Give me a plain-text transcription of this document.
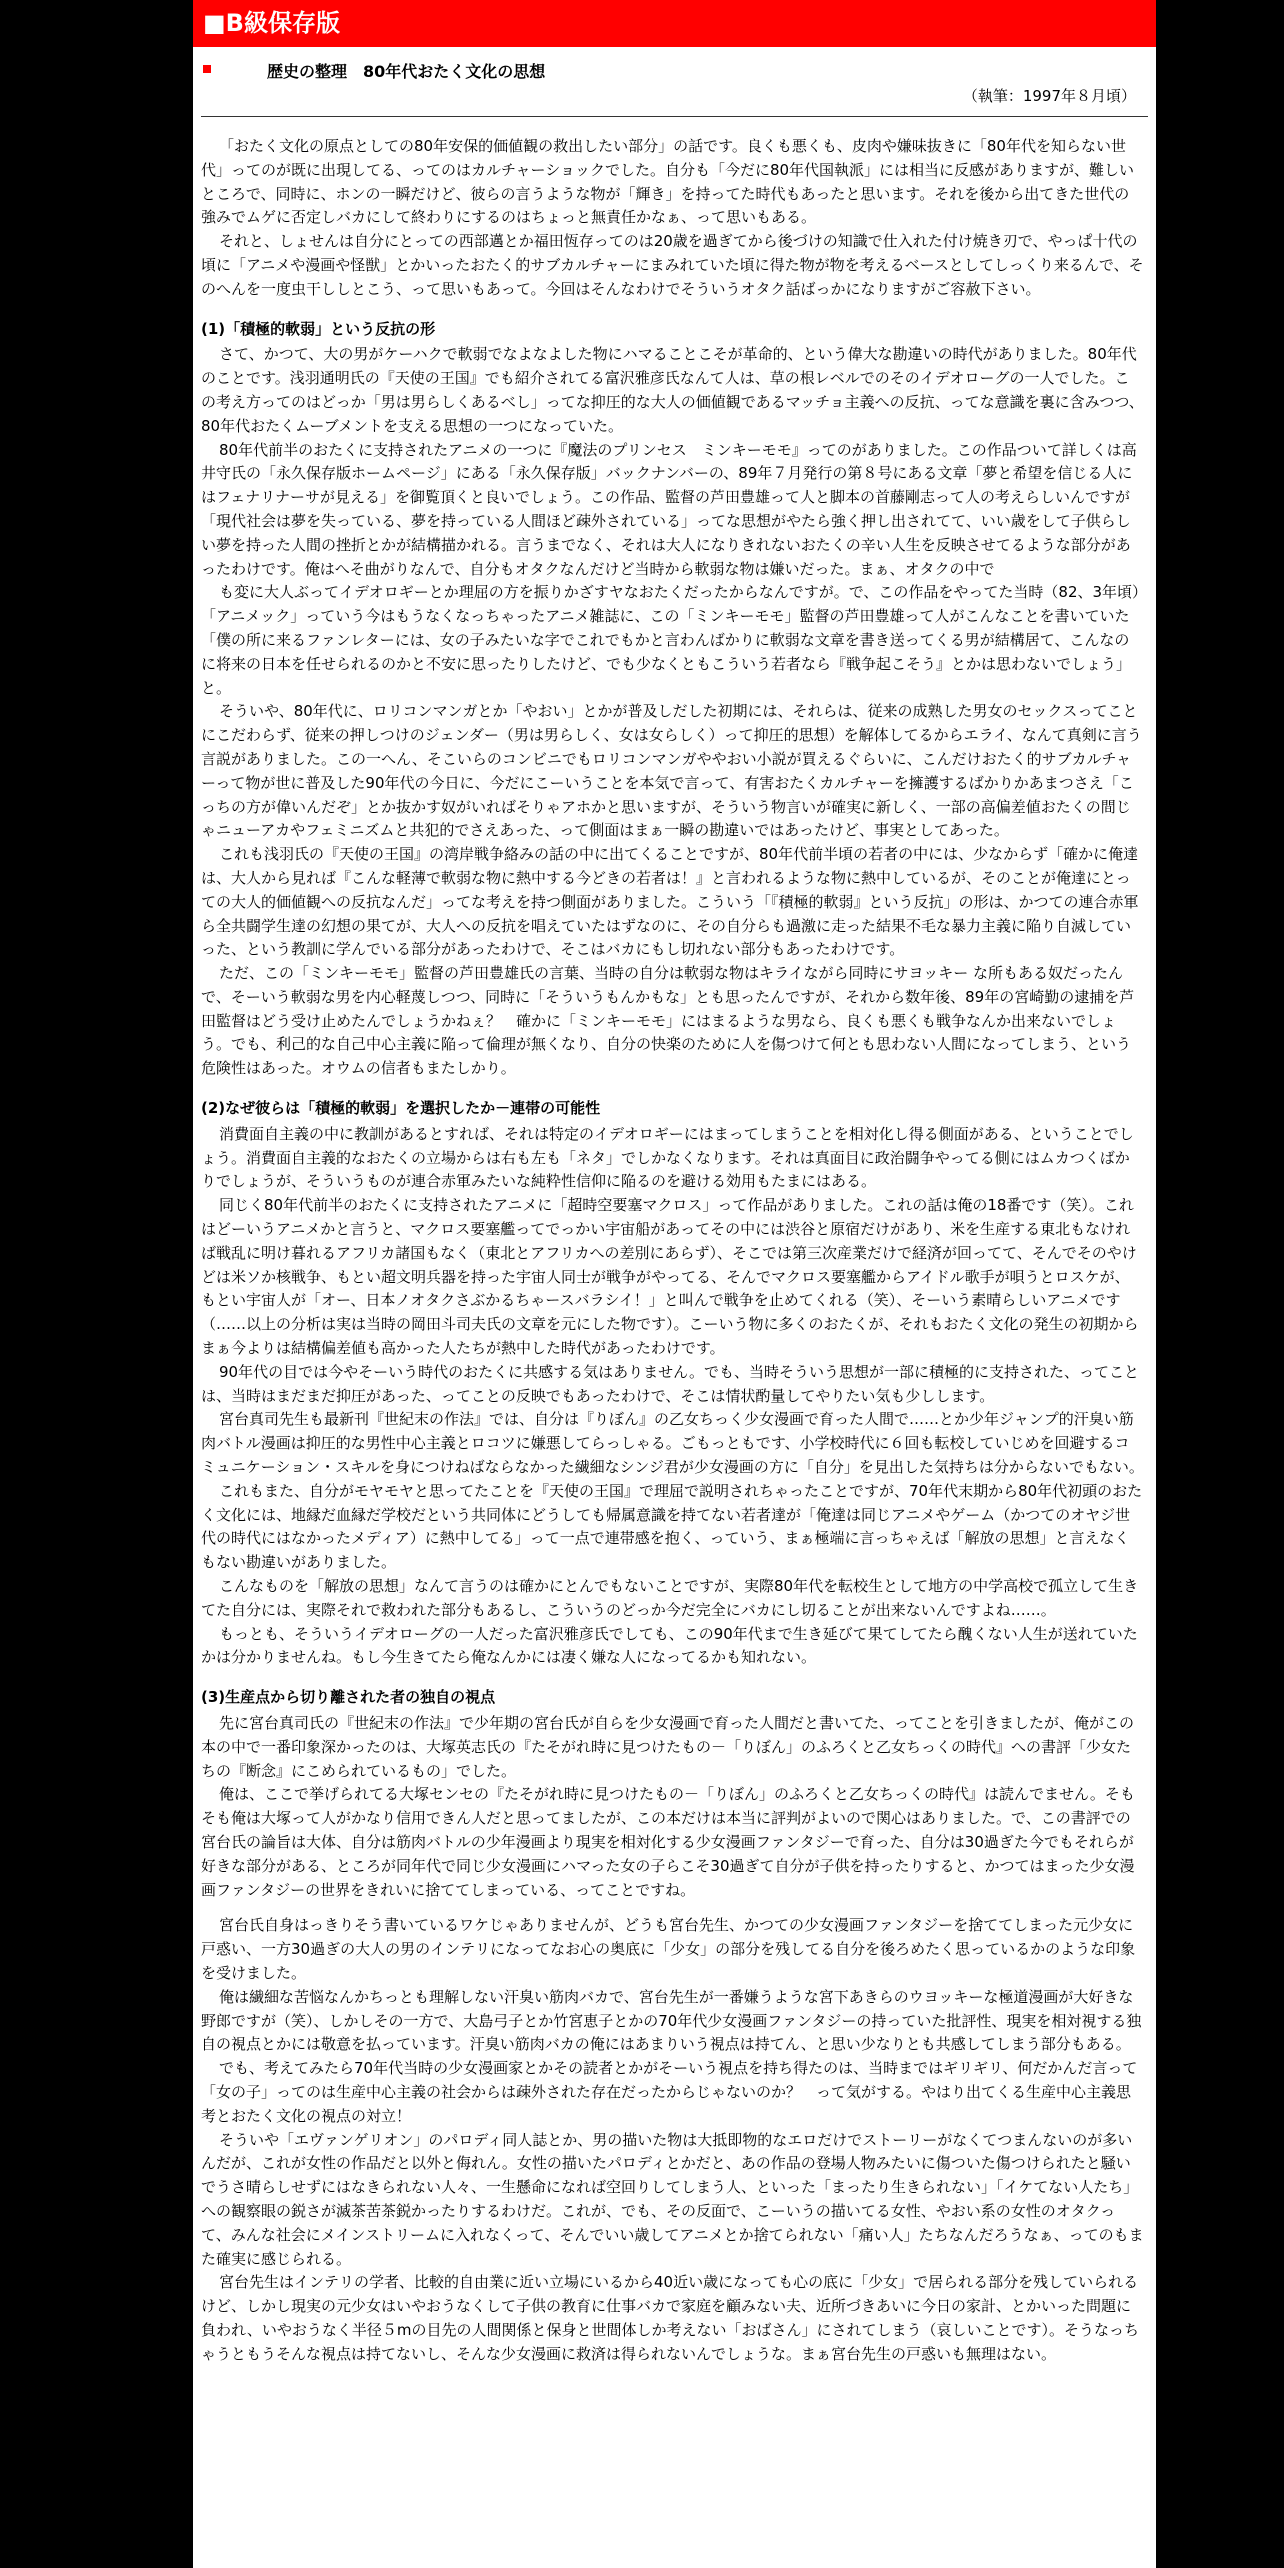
■B級保存版
歴史の整理　80年代おたく文化の思想
（執筆：1997年８月頃）

「おたく文化の原点としての80年安保的価値観の救出したい部分」の話です。良くも悪くも、皮肉や嫌味抜きに「80年代を知らない世代」ってのが既に出現してる、ってのはカルチャーショックでした。自分も「今だに80年代国執派」には相当に反感がありますが、難しいところで、同時に、ホンの一瞬だけど、彼らの言うような物が「輝き」を持ってた時代もあったと思います。それを後から出てきた世代の強みでムゲに否定しバカにして終わりにするのはちょっと無責任かなぁ、って思いもある。

それと、しょせんは自分にとっての西部邁とか福田恆存ってのは20歳を過ぎてから後づけの知識で仕入れた付け焼き刃で、やっぱ十代の頃に「アニメや漫画や怪獣」とかいったおたく的サブカルチャーにまみれていた頃に得た物が物を考えるベースとしてしっくり来るんで、そのへんを一度虫干ししとこう、って思いもあって。今回はそんなわけでそういうオタク話ばっかになりますがご容赦下さい。

(1)「積極的軟弱」という反抗の形

さて、かつて、大の男がケーハクで軟弱でなよなよした物にハマることこそが革命的、という偉大な勘違いの時代がありました。80年代のことです。浅羽通明氏の『天使の王国』でも紹介されてる富沢雅彦氏なんて人は、草の根レベルでのそのイデオローグの一人でした。この考え方ってのはどっか「男は男らしくあるべし」ってな抑圧的な大人の価値観であるマッチョ主義への反抗、ってな意識を裏に含みつつ、80年代おたくムーブメントを支える思想の一つになっていた。

80年代前半のおたくに支持されたアニメの一つに『魔法のプリンセス　ミンキーモモ』ってのがありました。この作品ついて詳しくは高井守氏の「永久保存版ホームページ」にある「永久保存版」バックナンバーの、89年７月発行の第８号にある文章「夢と希望を信じる人にはフェナリナーサが見える」を御覧頂くと良いでしょう。この作品、監督の芦田豊雄って人と脚本の首藤剛志って人の考えらしいんですが「現代社会は夢を失っている、夢を持っている人間ほど疎外されている」ってな思想がやたら強く押し出されてて、いい歳をして子供らしい夢を持った人間の挫折とかが結構描かれる。言うまでなく、それは大人になりきれないおたくの辛い人生を反映させてるような部分があったわけです。俺はへそ曲がりなんで、自分もオタクなんだけど当時から軟弱な物は嫌いだった。まぁ、オタクの中で

も変に大人ぶってイデオロギーとか理屈の方を振りかざすヤなおたくだったからなんですが。で、この作品をやってた当時（82、3年頃）「アニメック」っていう今はもうなくなっちゃったアニメ雑誌に、この「ミンキーモモ」監督の芦田豊雄って人がこんなことを書いていた「僕の所に来るファンレターには、女の子みたいな字でこれでもかと言わんばかりに軟弱な文章を書き送ってくる男が結構居て、こんなのに将来の日本を任せられるのかと不安に思ったりしたけど、でも少なくともこういう若者なら『戦争起こそう』とかは思わないでしょう」と。

そういや、80年代に、ロリコンマンガとか「やおい」とかが普及しだした初期には、それらは、従来の成熟した男女のセックスってことにこだわらず、従来の押しつけのジェンダー（男は男らしく、女は女らしく）って抑圧的思想）を解体してるからエライ、なんて真剣に言う言説がありました。この一へん、そこいらのコンビニでもロリコンマンガややおい小説が買えるぐらいに、こんだけおたく的サブカルチャーって物が世に普及した90年代の今日に、今だにこーいうことを本気で言って、有害おたくカルチャーを擁護するばかりかあまつさえ「こっちの方が偉いんだぞ」とか抜かす奴がいればそりゃアホかと思いますが、そういう物言いが確実に新しく、一部の高偏差値おたくの間じゃニューアカやフェミニズムと共犯的でさえあった、って側面はまぁ一瞬の勘違いではあったけど、事実としてあった。

これも浅羽氏の『天使の王国』の湾岸戦争絡みの話の中に出てくることですが、80年代前半頃の若者の中には、少なからず「確かに俺達は、大人から見れば『こんな軽薄で軟弱な物に熱中する今どきの若者は！』と言われるような物に熱中しているが、そのことが俺達にとっての大人的価値観への反抗なんだ」ってな考えを持つ側面がありました。こういう「『積極的軟弱』という反抗」の形は、かつての連合赤軍ら全共闘学生達の幻想の果てが、大人への反抗を唱えていたはずなのに、その自分らも過激に走った結果不毛な暴力主義に陥り自滅していった、という教訓に学んでいる部分があったわけで、そこはバカにもし切れない部分もあったわけです。

ただ、この「ミンキーモモ」監督の芦田豊雄氏の言葉、当時の自分は軟弱な物はキライながら同時にサヨッキー な所もある奴だったんで、そーいう軟弱な男を内心軽蔑しつつ、同時に「そういうもんかもな」とも思ったんですが、それから数年後、89年の宮崎勤の逮捕を芦田監督はどう受け止めたんでしょうかねぇ？　確かに「ミンキーモモ」にはまるような男なら、良くも悪くも戦争なんか出来ないでしょう。でも、利己的な自己中心主義に陥って倫理が無くなり、自分の快楽のために人を傷つけて何とも思わない人間になってしまう、という危険性はあった。オウムの信者もまたしかり。

(2)なぜ彼らは「積極的軟弱」を選択したか－連帯の可能性

消費面自主義の中に教訓があるとすれば、それは特定のイデオロギーにはまってしまうことを相対化し得る側面がある、ということでしょう。消費面自主義的なおたくの立場からは右も左も「ネタ」でしかなくなります。それは真面目に政治闘争やってる側にはムカつくばかりでしょうが、そういうものが連合赤軍みたいな純粋性信仰に陥るのを避ける効用もたまにはある。

同じく80年代前半のおたくに支持されたアニメに「超時空要塞マクロス」って作品がありました。これの話は俺の18番です（笑）。これはどーいうアニメかと言うと、マクロス要塞艦ってでっかい宇宙船があってその中には渋谷と原宿だけがあり、米を生産する東北もなければ戦乱に明け暮れるアフリカ諸国もなく（東北とアフリカへの差別にあらず）、そこでは第三次産業だけで経済が回ってて、そんでそのやけどは米ソか核戦争、もとい超文明兵器を持った宇宙人同士が戦争がやってる、そんでマクロス要塞艦からアイドル歌手が唄うとロスケが、もとい宇宙人が「オー、日本ノオタクさぶかるちゃースバラシイ！」と叫んで戦争を止めてくれる（笑）、そーいう素晴らしいアニメです（……以上の分析は実は当時の岡田斗司夫氏の文章を元にした物です）。こーいう物に多くのおたくが、それもおたく文化の発生の初期からまぁ今よりは結構偏差値も高かった人たちが熱中した時代があったわけです。

90年代の目では今やそーいう時代のおたくに共感する気はありません。でも、当時そういう思想が一部に積極的に支持された、ってことは、当時はまだまだ抑圧があった、ってことの反映でもあったわけで、そこは情状酌量してやりたい気も少しします。

宮台真司先生も最新刊『世紀末の作法』では、自分は『りぼん』の乙女ちっく少女漫画で育った人間で……とか少年ジャンプ的汗臭い筋肉バトル漫画は抑圧的な男性中心主義とロコツに嫌悪してらっしゃる。ごもっともです、小学校時代に６回も転校していじめを回避するコミュニケーション・スキルを身につけねばならなかった繊細なシンジ君が少女漫画の方に「自分」を見出した気持ちは分からないでもない。

これもまた、自分がモヤモヤと思ってたことを『天使の王国』で理屈で説明されちゃったことですが、70年代末期から80年代初頭のおたく文化には、地縁だ血縁だ学校だという共同体にどうしても帰属意識を持てない若者達が「俺達は同じアニメやゲーム（かつてのオヤジ世代の時代にはなかったメディア）に熱中してる」って一点で連帯感を抱く、っていう、まぁ極端に言っちゃえば「解放の思想」と言えなくもない勘違いがありました。

こんなものを「解放の思想」なんて言うのは確かにとんでもないことですが、実際80年代を転校生として地方の中学高校で孤立して生きてた自分には、実際それで救われた部分もあるし、こういうのどっか今だ完全にバカにし切ることが出来ないんですよね……。

もっとも、そういうイデオローグの一人だった富沢雅彦氏でしても、この90年代まで生き延びて果てしてたら醜くない人生が送れていたかは分かりませんね。もし今生きてたら俺なんかには凄く嫌な人になってるかも知れない。

(3)生産点から切り離された者の独自の視点

先に宮台真司氏の『世紀末の作法』で少年期の宮台氏が自らを少女漫画で育った人間だと書いてた、ってことを引きましたが、俺がこの本の中で一番印象深かったのは、大塚英志氏の『たそがれ時に見つけたもの－「りぼん」のふろくと乙女ちっくの時代』への書評「少女たちの『断念』にこめられているもの」でした。

俺は、ここで挙げられてる大塚センセの『たそがれ時に見つけたもの－「りぼん」のふろくと乙女ちっくの時代』は読んでません。そもそも俺は大塚って人がかなり信用できん人だと思ってましたが、この本だけは本当に評判がよいので関心はありました。で、この書評での宮台氏の論旨は大体、自分は筋肉バトルの少年漫画より現実を相対化する少女漫画ファンタジーで育った、自分は30過ぎた今でもそれらが好きな部分がある、ところが同年代で同じ少女漫画にハマった女の子らこそ30過ぎて自分が子供を持ったりすると、かつてはまった少女漫画ファンタジーの世界をきれいに捨ててしまっている、ってことですね。

宮台氏自身はっきりそう書いているワケじゃありませんが、どうも宮台先生、かつての少女漫画ファンタジーを捨ててしまった元少女に戸惑い、一方30過ぎの大人の男のインテリになってなお心の奥底に「少女」の部分を残してる自分を後ろめたく思っているかのような印象を受けました。

俺は繊細な苦悩なんかちっとも理解しない汗臭い筋肉バカで、宮台先生が一番嫌うような宮下あきらのウヨッキーな極道漫画が大好きな野郎ですが（笑）、しかしその一方で、大島弓子とか竹宮恵子とかの70年代少女漫画ファンタジーの持っていた批評性、現実を相対視する独自の視点とかには敬意を払っています。汗臭い筋肉バカの俺にはあまりいう視点は持てん、と思い少なりとも共感してしまう部分もある。

でも、考えてみたら70年代当時の少女漫画家とかその読者とかがそーいう視点を持ち得たのは、当時まではギリギリ、何だかんだ言って「女の子」ってのは生産中心主義の社会からは疎外された存在だったからじゃないのか？　って気がする。やはり出てくる生産中心主義思考とおたく文化の視点の対立！

そういや「エヴァンゲリオン」のパロディ同人誌とか、男の描いた物は大抵即物的なエロだけでストーリーがなくてつまんないのが多いんだが、これが女性の作品だと以外と侮れん。女性の描いたパロディとかだと、あの作品の登場人物みたいに傷ついた傷つけられたと騒いでうさ晴らしせずにはなきられない人々、一生懸命になれば空回りしてしまう人、といった「まったり生きられない」「イケてない人たち」への観察眼の鋭さが滅茶苦茶鋭かったりするわけだ。これが、でも、その反面で、こーいうの描いてる女性、やおい系の女性のオタクって、みんな社会にメインストリームに入れなくって、そんでいい歳してアニメとか捨てられない「痛い人」たちなんだろうなぁ、ってのもまた確実に感じられる。

宮台先生はインテリの学者、比較的自由業に近い立場にいるから40近い歳になっても心の底に「少女」で居られる部分を残していられるけど、しかし現実の元少女はいやおうなくして子供の教育に仕事バカで家庭を顧みない夫、近所づきあいに今日の家計、とかいった問題に負われ、いやおうなく半径５mの目先の人間関係と保身と世間体しか考えない「おばさん」にされてしまう（哀しいことです）。そうなっちゃうともうそんな視点は持てないし、そんな少女漫画に救済は得られないんでしょうな。まぁ宮台先生の戸惑いも無理はない。
